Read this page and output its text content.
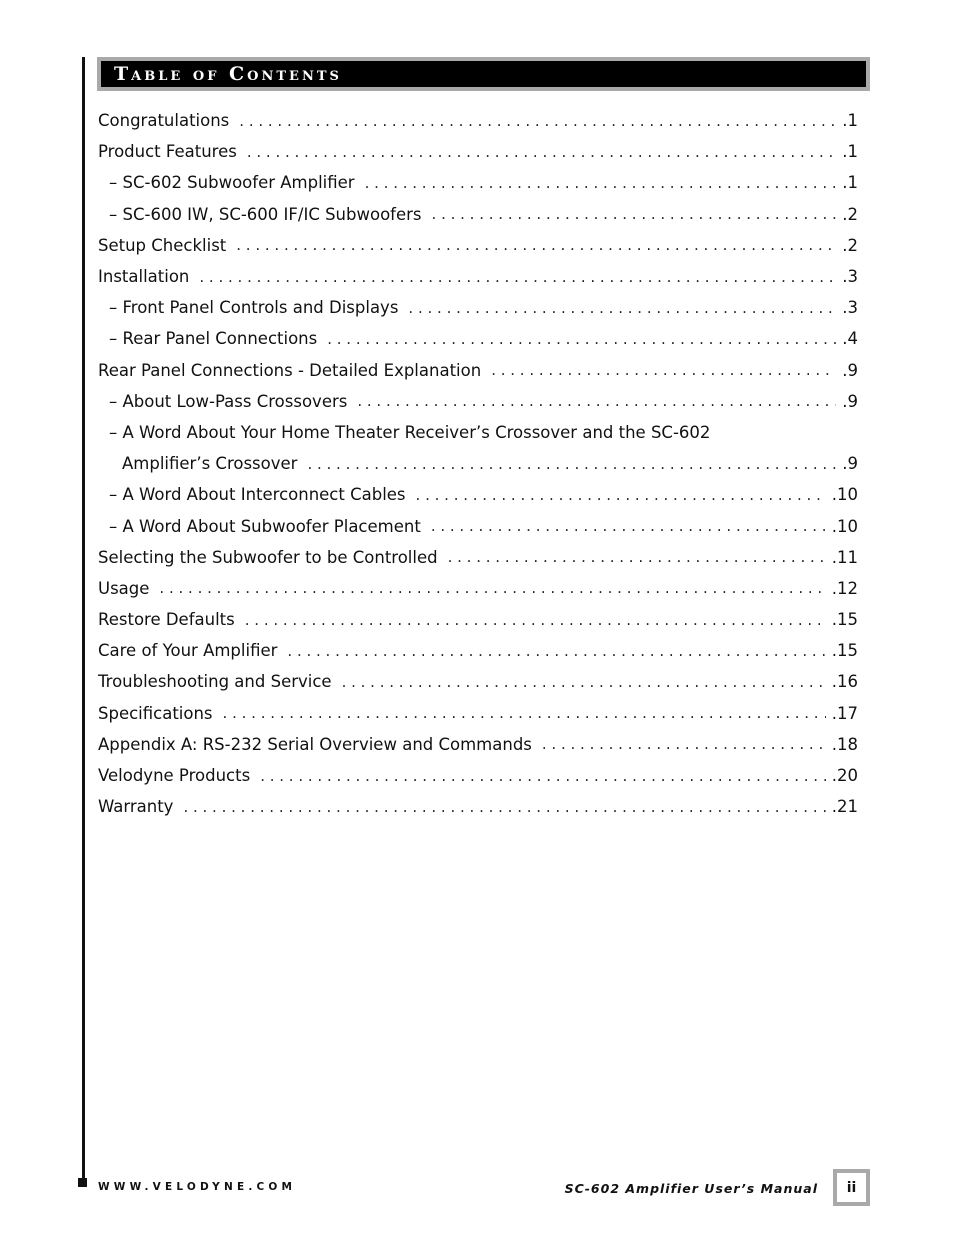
Table of Contents
Congratulations . . .	.1
Product Features . . .	.1
– SC-602 Subwoofer Amplifier . . .	.1
– SC-600 IW, SC-600 IF/IC Subwoofers . . .	.2
Setup Checklist . . .	.2
Installation . . .	.3
– Front Panel Controls and Displays . . .	.3
– Rear Panel Connections . . .	.4
Rear Panel Connections - Detailed Explanation . . .	.9
– About Low-Pass Crossovers . . .	.9
– A Word About Your Home Theater Receiver’s Crossover and the SC-602
Amplifier’s Crossover . . .	.9
– A Word About Interconnect Cables . . .	.10
– A Word About Subwoofer Placement . . .	.10
Selecting the Subwoofer to be Controlled . . .	.11
Usage . . .	.12
Restore Defaults . . .	.15
Care of Your Amplifier . . .	.15
Troubleshooting and Service . . .	.16
Specifications . . .	.17
Appendix A: RS-232 Serial Overview and Commands . . .	.18
Velodyne Products . . .	.20
Warranty . . .	.21
WWW.VELODYNE.COM	SC-602 Amplifier User’s Manual	ii
